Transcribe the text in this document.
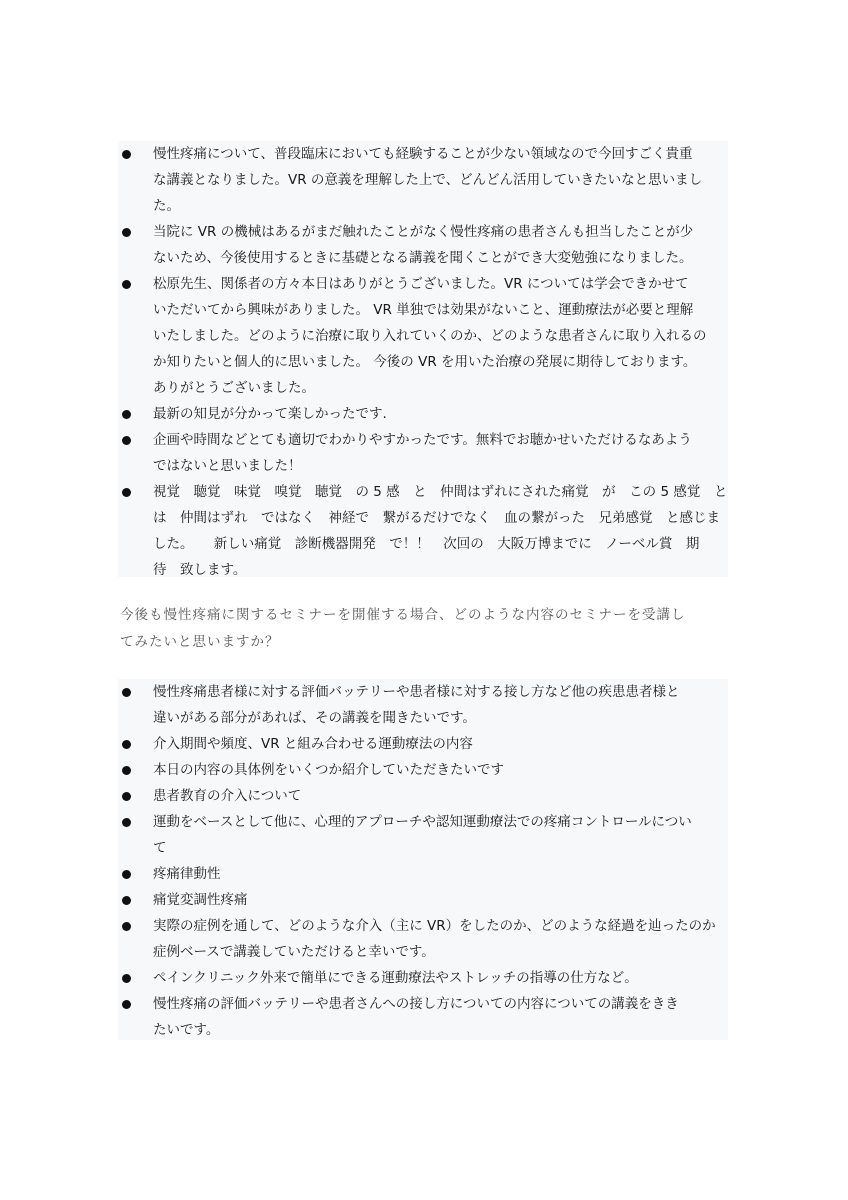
慢性疼痛について、普段臨床においても経験することが少ない領域なので今回すごく貴重
な講義となりました。VR の意義を理解した上で、どんどん活用していきたいなと思いまし
た。
当院に VR の機械はあるがまだ触れたことがなく慢性疼痛の患者さんも担当したことが少
ないため、今後使用するときに基礎となる講義を聞くことができ大変勉強になりました。
松原先生、関係者の方々本日はありがとうございました。VR については学会できかせて
いただいてから興味がありました。 VR 単独では効果がないこと、運動療法が必要と理解
いたしました。どのように治療に取り入れていくのか、どのような患者さんに取り入れるの
か知りたいと個人的に思いました。 今後の VR を用いた治療の発展に期待しております。
ありがとうございました。
最新の知見が分かって楽しかったです.
企画や時間などとても適切でわかりやすかったです。無料でお聴かせいただけるなあよう
ではないと思いました！
視覚　聴覚　味覚　嗅覚　聴覚　の 5 感　と　仲間はずれにされた痛覚　が　この 5 感覚　と
は　仲間はずれ　ではなく　神経で　繋がるだけでなく　血の繋がった　兄弟感覚　と感じま
した。　　新しい痛覚　診断機器開発　で！！　次回の　大阪万博までに　ノーベル賞　期
待　致します。
今後も慢性疼痛に関するセミナーを開催する場合、どのような内容のセミナーを受講し
てみたいと思いますか？
慢性疼痛患者様に対する評価バッテリーや患者様に対する接し方など他の疾患患者様と
違いがある部分があれば、その講義を聞きたいです。
介入期間や頻度、VR と組み合わせる運動療法の内容
本日の内容の具体例をいくつか紹介していただきたいです
患者教育の介入について
運動をベースとして他に、心理的アプローチや認知運動療法での疼痛コントロールについ
て
疼痛律動性
痛覚変調性疼痛
実際の症例を通して、どのような介入（主に VR）をしたのか、どのような経過を辿ったのか
症例ベースで講義していただけると幸いです。
ペインクリニック外来で簡単にできる運動療法やストレッチの指導の仕方など。
慢性疼痛の評価バッテリーや患者さんへの接し方についての内容についての講義をきき
たいです。
